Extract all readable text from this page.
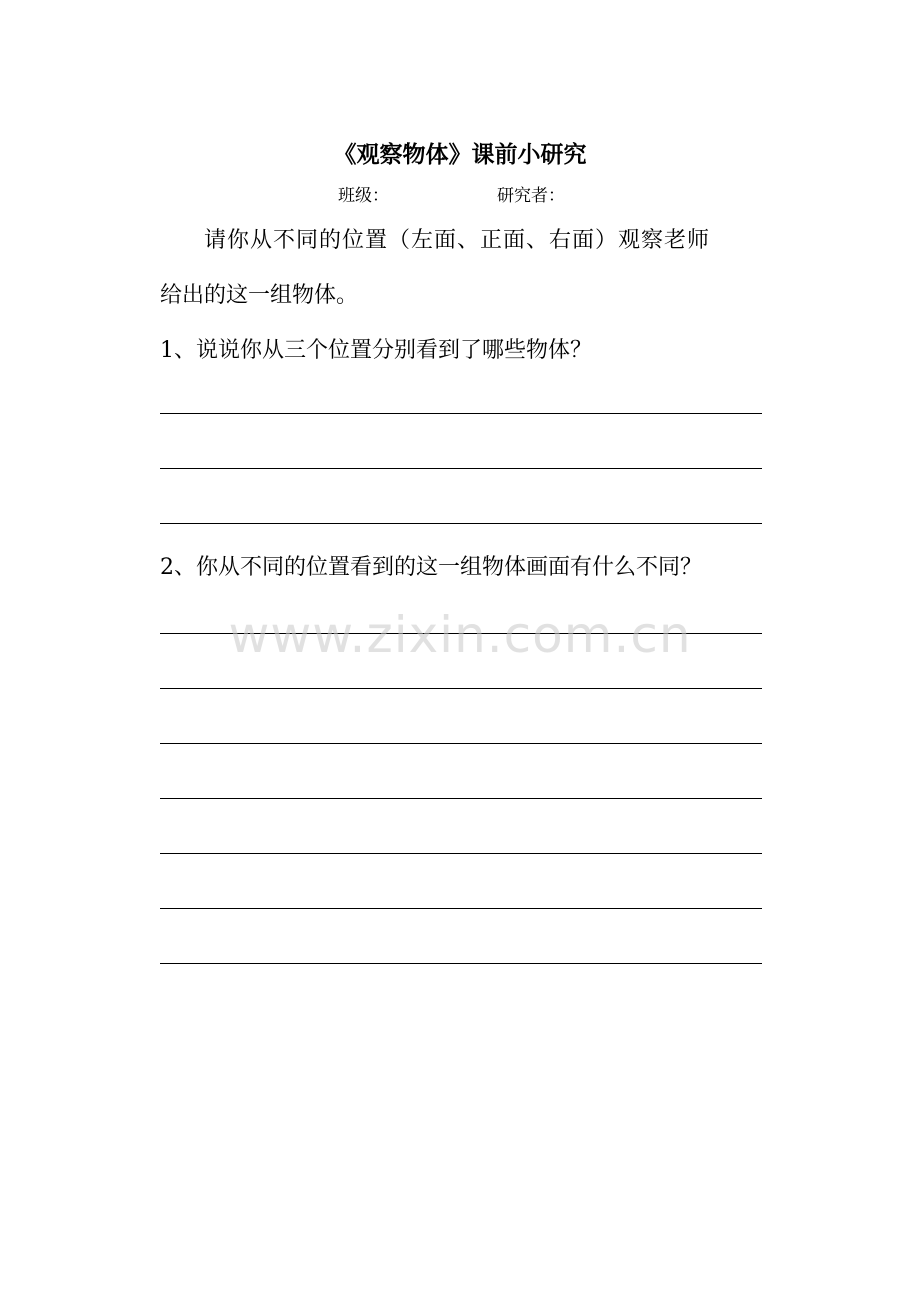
《观察物体》课前小研究
班级：	研究者：
请你从不同的位置（左面、正面、右面）观察老师
给出的这一组物体。
1、说说你从三个位置分别看到了哪些物体？
2、你从不同的位置看到的这一组物体画面有什么不同？
www.zixin.com.cn
